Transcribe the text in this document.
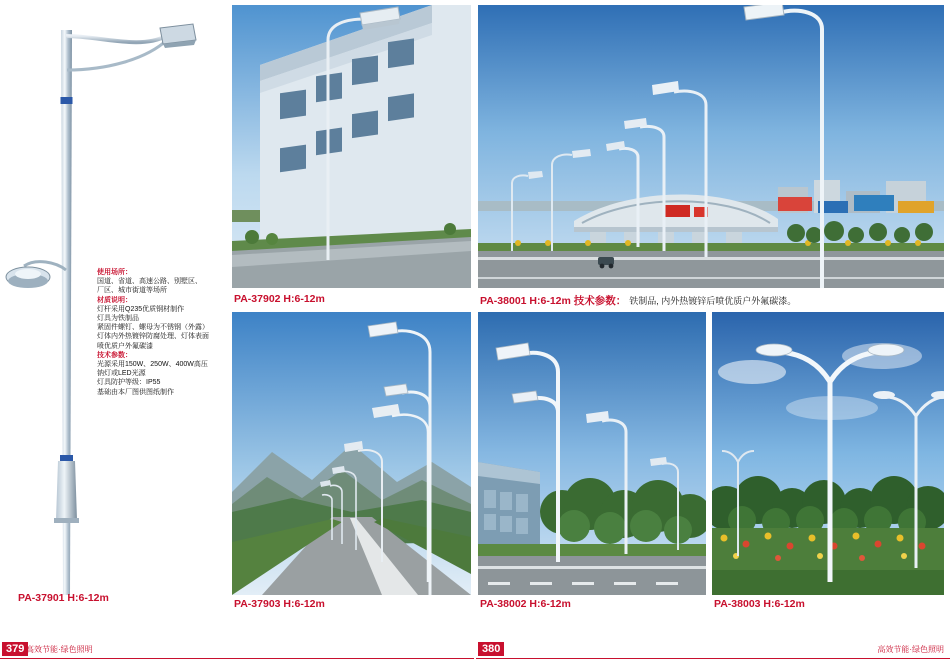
使用场所：
国道、省道、高速公路、别墅区、
厂区、城市街道等场所
材质说明：
灯杆采用Q235优质钢材制作
灯具为铁制品
紧固件螺钉、螺母为不锈钢（外露）
灯体内外热镀锌防腐处理、灯体表面
喷优质户外氟碳漆
技术参数：
光源采用150W、250W、400W高压
钠灯或LED光源
灯具防护等级：IP55
基础由本厂图供图纸制作
PA-37901 H:6-12m
PA-37902 H:6-12m
PA-37903 H:6-12m
379 高效节能·绿色照明
PA-38001 H:6-12m 技术参数： 铁制品, 内外热镀锌后喷优质户外氟碳漆。
PA-38002 H:6-12m	PA-38003 H:6-12m
380	高效节能·绿色照明
